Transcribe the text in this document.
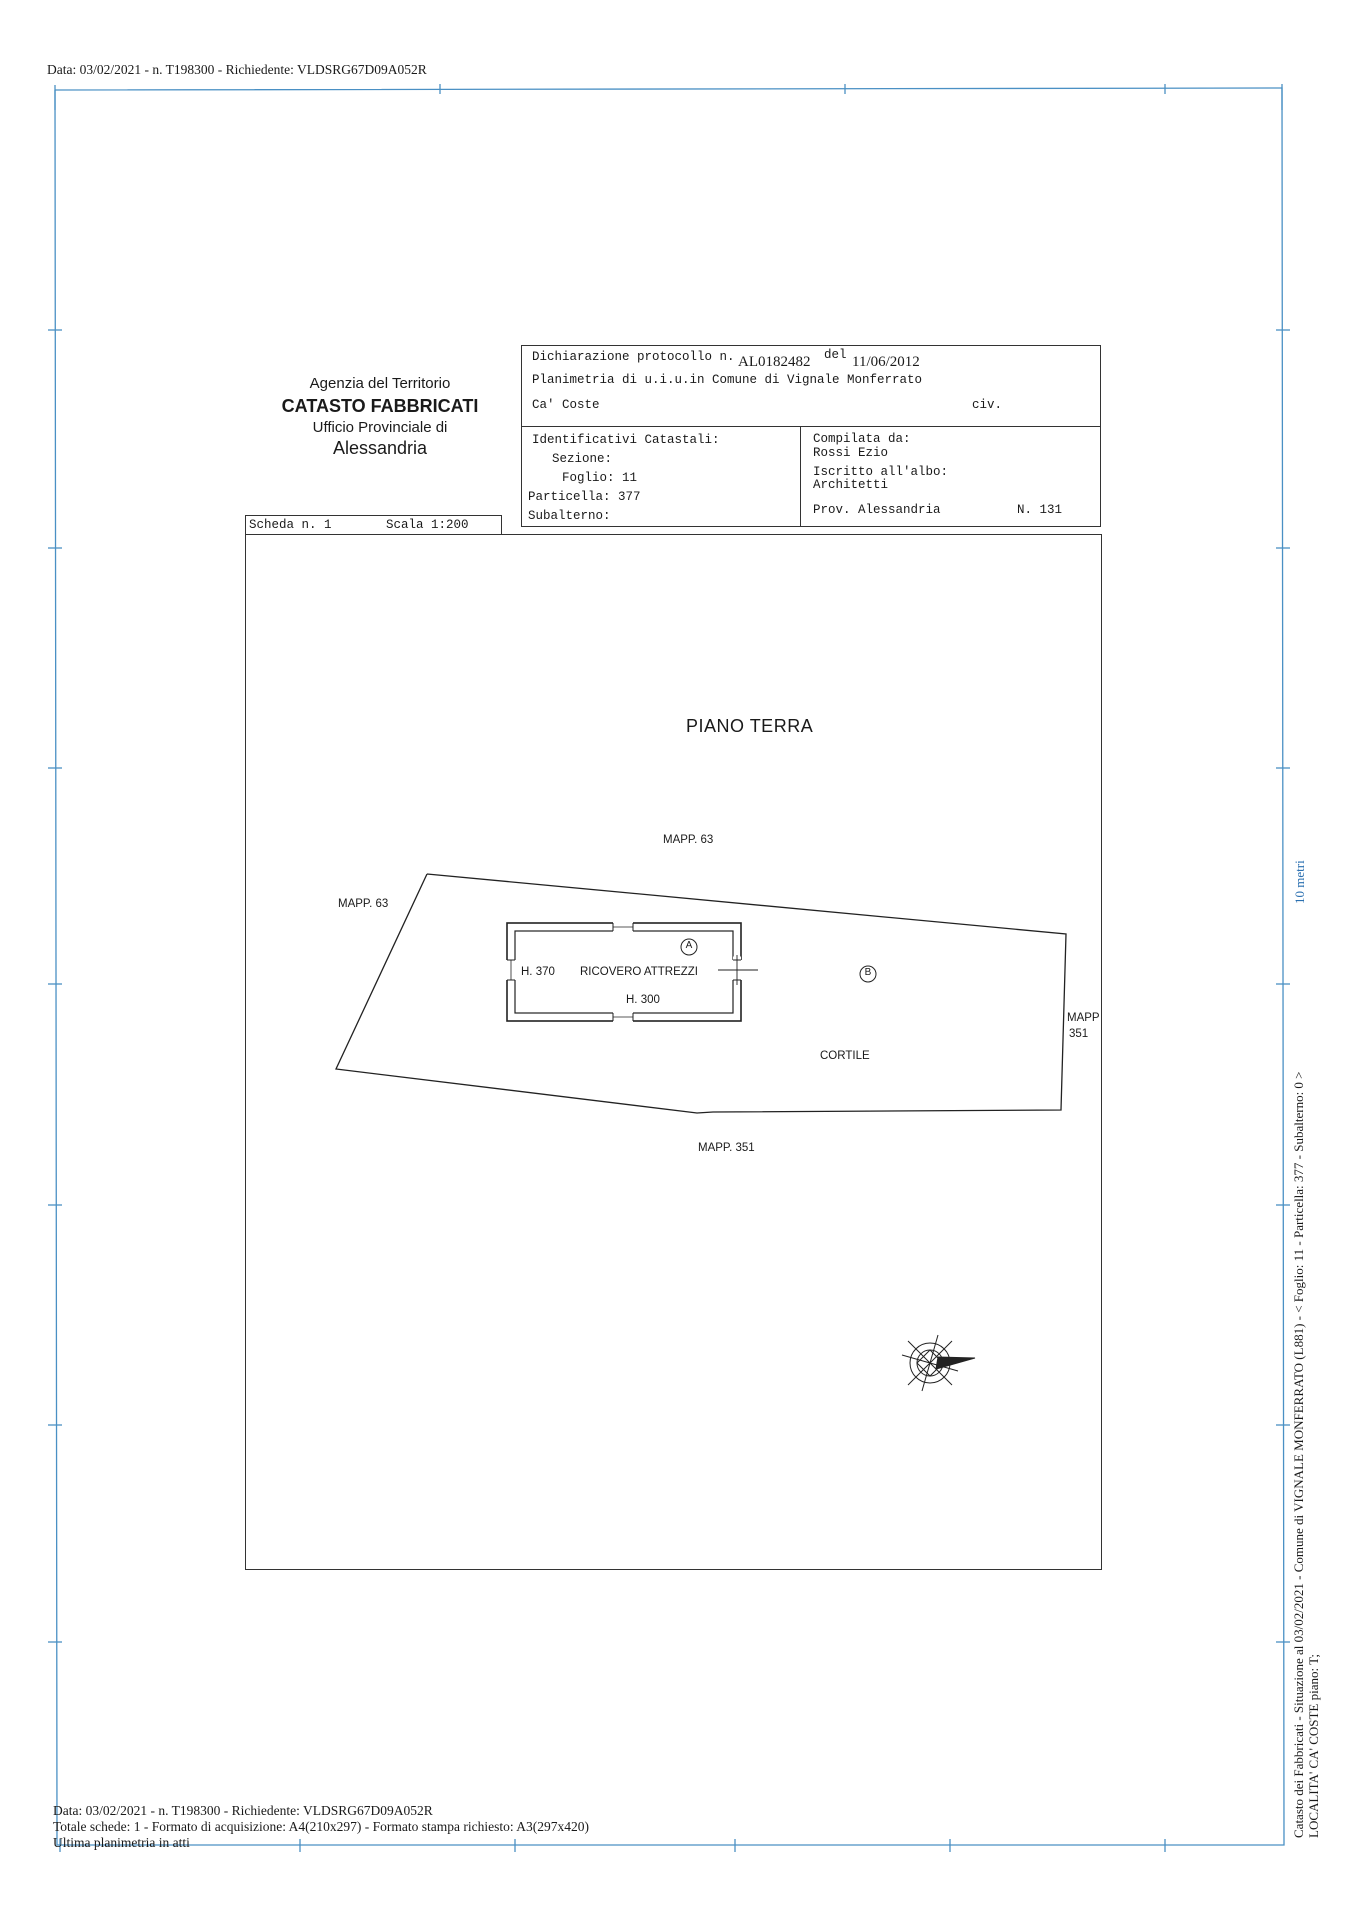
Data: 03/02/2021 - n. T198300 - Richiedente: VLDSRG67D09A052R
Agenzia del Territorio
CATASTO FABBRICATI
Ufficio Provinciale di
Alessandria
Dichiarazione protocollo n. AL0182482 del 11/06/2012
Planimetria di u.i.u.in Comune di Vignale Monferrato
Ca' Coste	civ.
Identificativi Catastali:
Sezione:
Foglio: 11
Particella: 377
Subalterno:
Compilata da:
Rossi Ezio
Iscritto all'albo:
Architetti
Prov. Alessandria	N. 131
Scheda n. 1	Scala 1:200
PIANO TERRA
MAPP. 63
MAPP. 63
MAPP
351
MAPP. 351
H. 370 RICOVERO ATTREZZI
H. 300
A
B
CORTILE
Catasto dei Fabbricati - Situazione al 03/02/2021 - Comune di VIGNALE MONFERRATO (L881) - < Foglio: 11 - Particella: 377 - Subalterno: 0 > LOCALITA' CA' COSTE piano: T;
10 metri
Data: 03/02/2021 - n. T198300 - Richiedente: VLDSRG67D09A052R
Totale schede: 1 - Formato di acquisizione: A4(210x297) - Formato stampa richiesto: A3(297x420)
Ultima planimetria in atti
